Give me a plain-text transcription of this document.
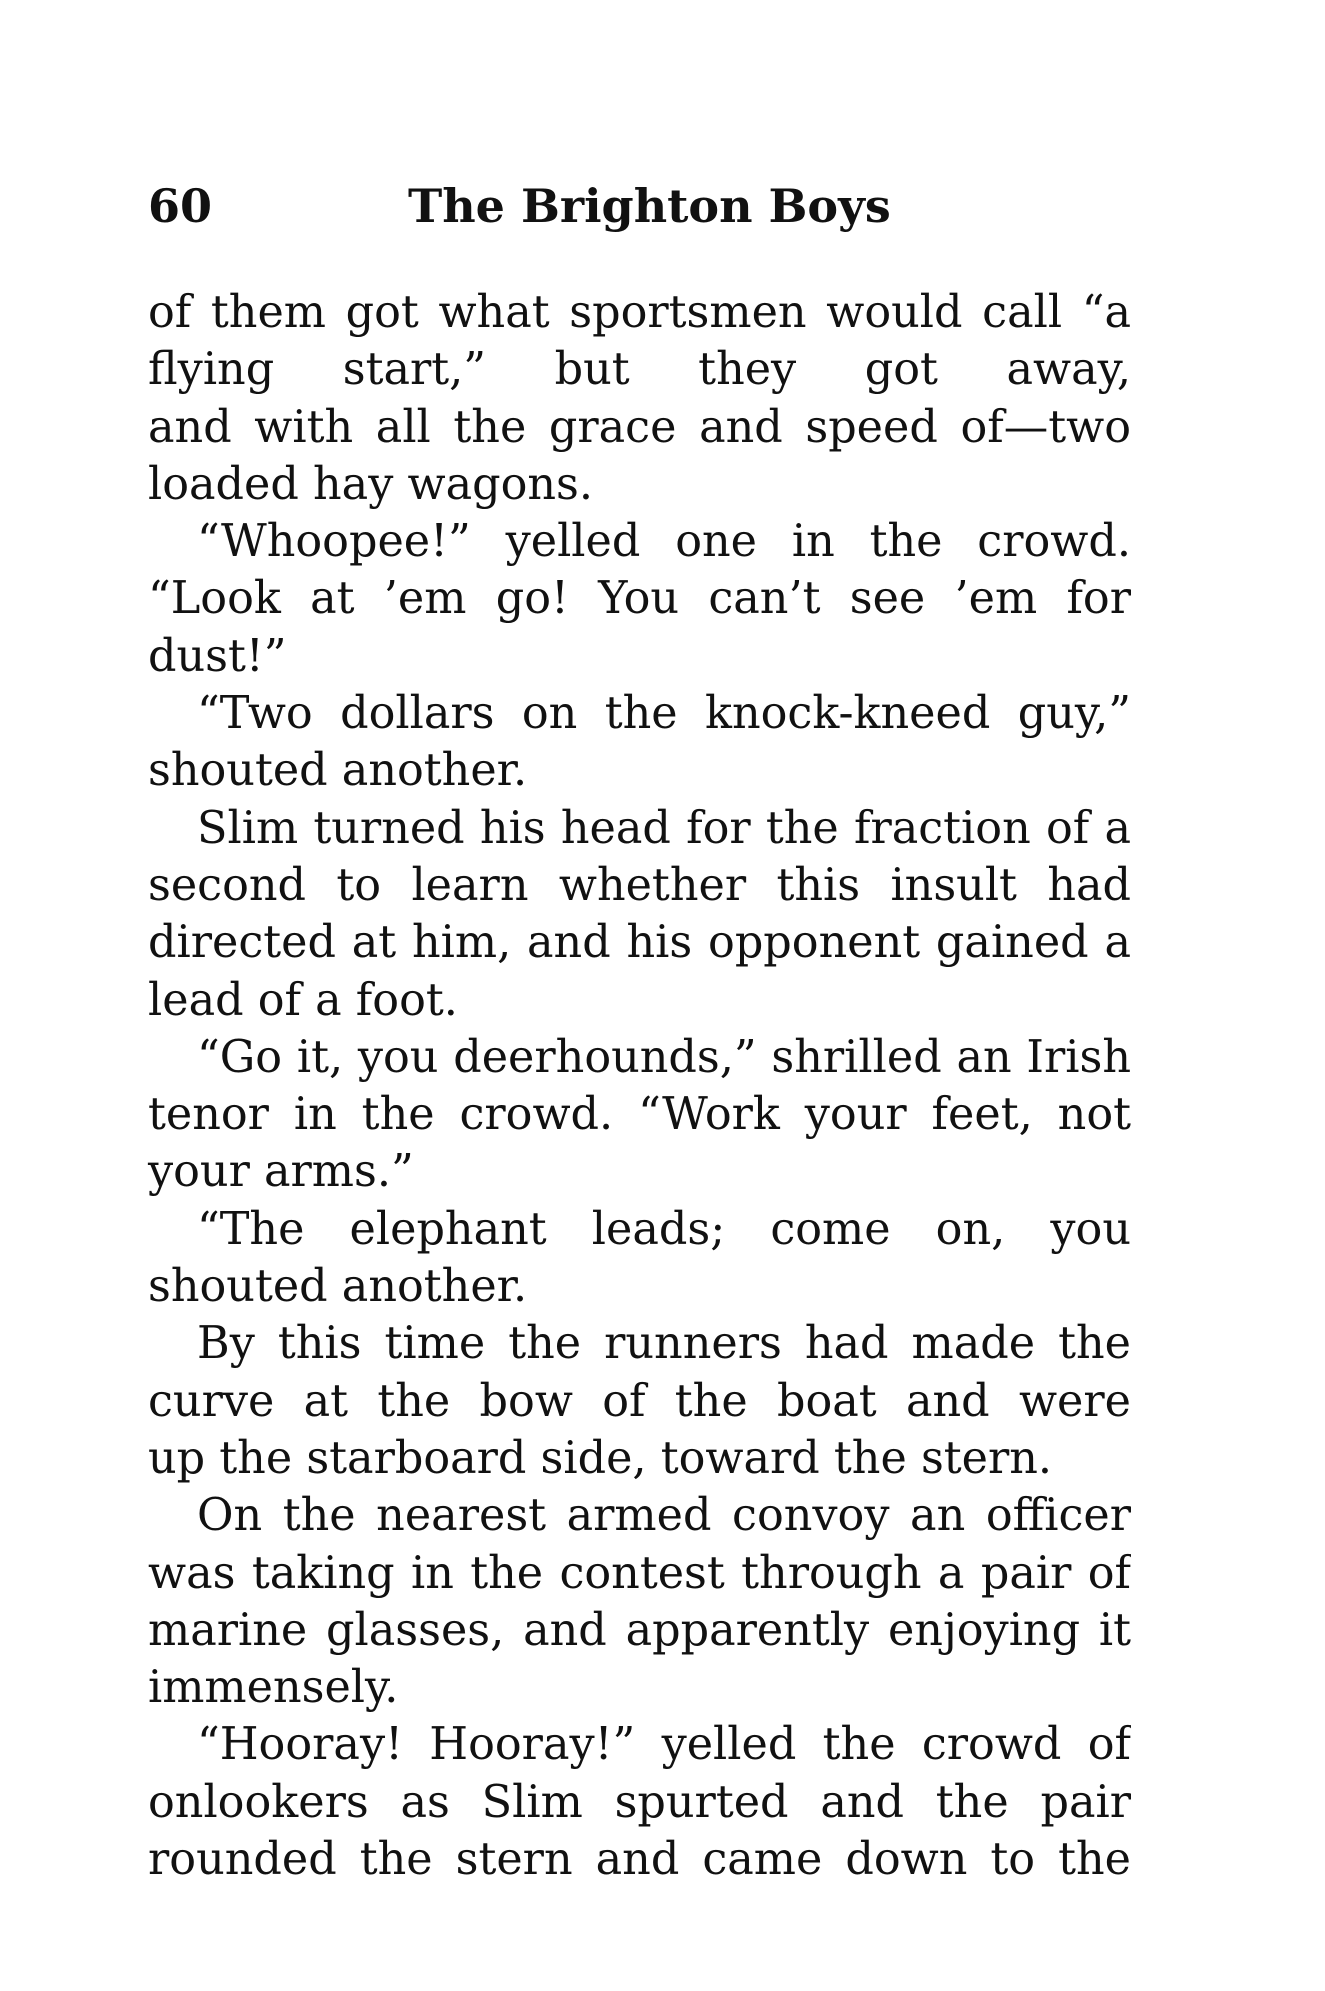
60	The Brighton Boys
of them got what sportsmen would call “a
flying start,” but they got away,
and with all the grace and speed of—two
loaded hay wagons.
“Whoopee!” yelled one in the crowd.
“Look at ’em go! You can’t see ’em for
dust!”
“Two dollars on the knock-kneed guy,”
shouted another.
Slim turned his head for the fraction of a
second to learn whether this insult had
directed at him, and his opponent gained a
lead of a foot.
“Go it, you deerhounds,” shrilled an Irish
tenor in the crowd. “Work your feet, not
your arms.”
“The elephant leads; come on, you
shouted another.
By this time the runners had made the
curve at the bow of the boat and were
up the starboard side, toward the stern.
On the nearest armed convoy an officer
was taking in the contest through a pair of
marine glasses, and apparently enjoying it
immensely.
“Hooray! Hooray!” yelled the crowd of
onlookers as Slim spurted and the pair
rounded the stern and came down to the
